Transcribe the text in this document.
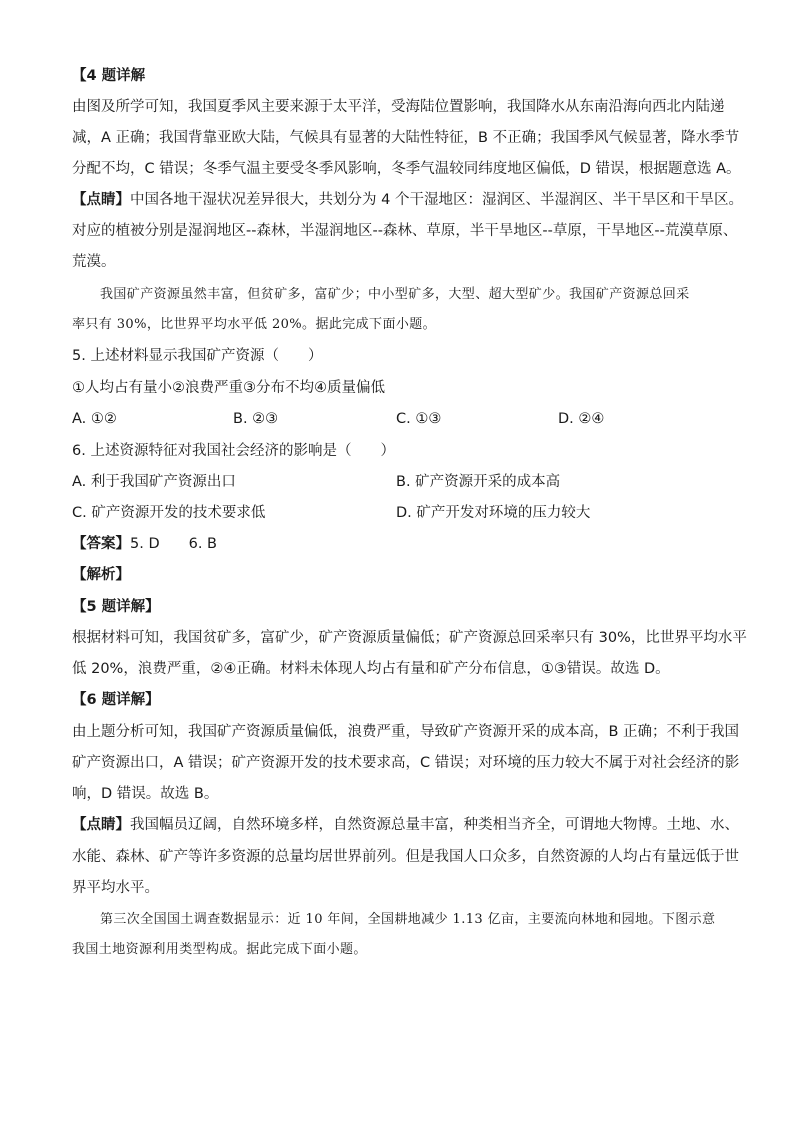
【4 题详解
由图及所学可知，我国夏季风主要来源于太平洋，受海陆位置影响，我国降水从东南沿海向西北内陆递
减，A 正确；我国背靠亚欧大陆，气候具有显著的大陆性特征，B 不正确；我国季风气候显著，降水季节
分配不均，C 错误；冬季气温主要受冬季风影响，冬季气温较同纬度地区偏低，D 错误，根据题意选 A。
【点睛】中国各地干湿状况差异很大，共划分为 4 个干湿地区：湿润区、半湿润区、半干旱区和干旱区。
对应的植被分别是湿润地区--森林，半湿润地区--森林、草原，半干旱地区--草原，干旱地区--荒漠草原、
荒漠。
我国矿产资源虽然丰富，但贫矿多，富矿少；中小型矿多，大型、超大型矿少。我国矿产资源总回采
率只有 30%，比世界平均水平低 20%。据此完成下面小题。
5. 上述材料显示我国矿产资源（　　）
①人均占有量小②浪费严重③分布不均④质量偏低
A. ①②	B. ②③	C. ①③	D. ②④
6. 上述资源特征对我国社会经济的影响是（　　）
A. 利于我国矿产资源出口	B. 矿产资源开采的成本高
C. 矿产资源开发的技术要求低	D. 矿产开发对环境的压力较大
【答案】5. D　　6. B
【解析】
【5 题详解】
根据材料可知，我国贫矿多，富矿少，矿产资源质量偏低；矿产资源总回采率只有 30%，比世界平均水平
低 20%，浪费严重，②④正确。材料未体现人均占有量和矿产分布信息，①③错误。故选 D。
【6 题详解】
由上题分析可知，我国矿产资源质量偏低，浪费严重，导致矿产资源开采的成本高，B 正确；不利于我国
矿产资源出口，A 错误；矿产资源开发的技术要求高，C 错误；对环境的压力较大不属于对社会经济的影
响，D 错误。故选 B。
【点睛】我国幅员辽阔，自然环境多样，自然资源总量丰富，种类相当齐全，可谓地大物博。土地、水、
水能、森林、矿产等许多资源的总量均居世界前列。但是我国人口众多，自然资源的人均占有量远低于世
界平均水平。
第三次全国国土调查数据显示：近 10 年间，全国耕地减少 1.13 亿亩，主要流向林地和园地。下图示意
我国土地资源利用类型构成。据此完成下面小题。
